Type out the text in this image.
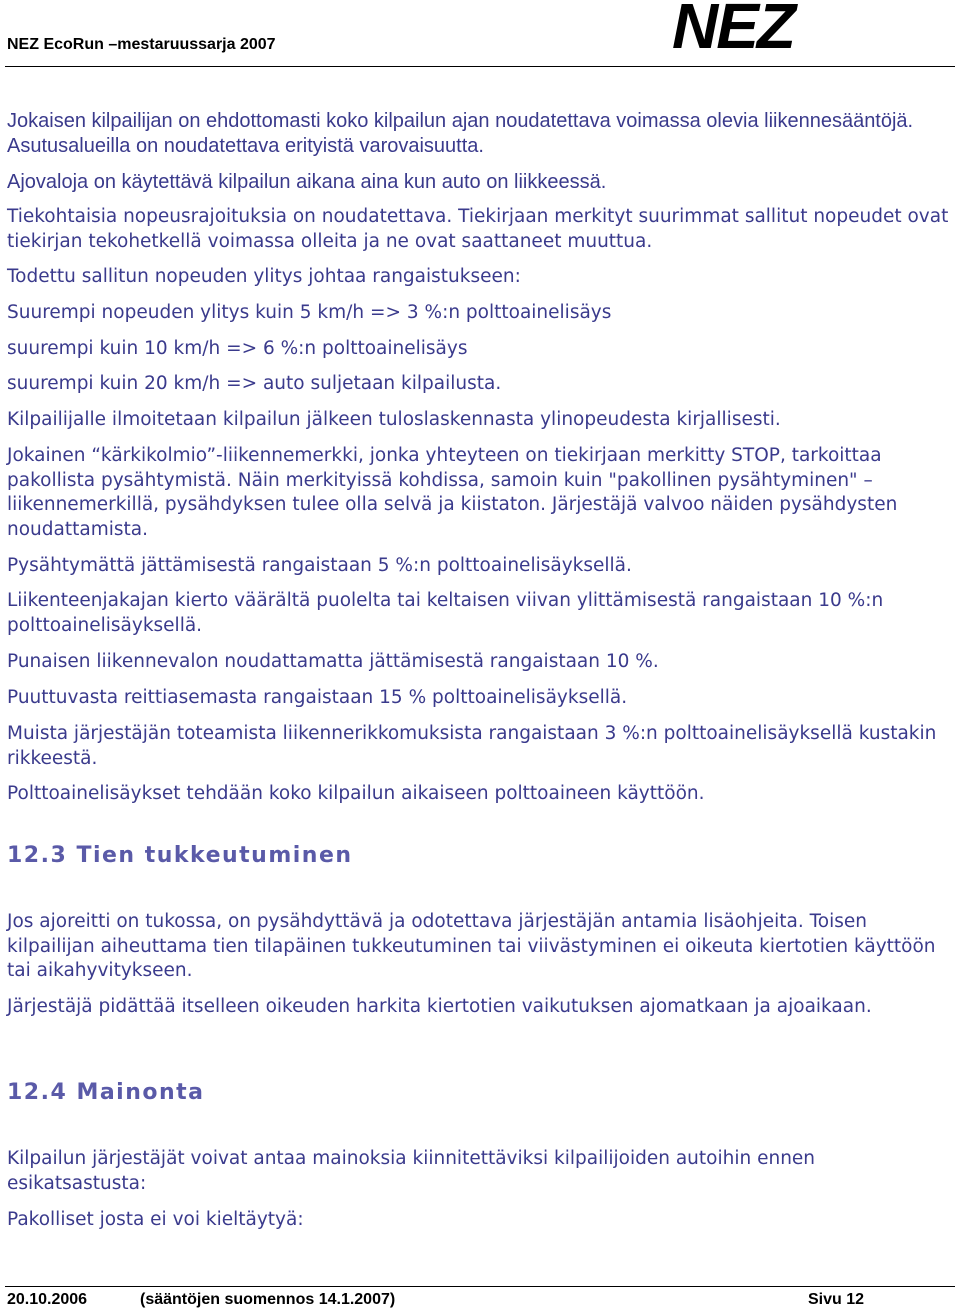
NEZ EcoRun –mestaruussarja 2007	NEZ

Jokaisen kilpailijan on ehdottomasti koko kilpailun ajan noudatettava voimassa olevia liikennesääntöjä. Asutusalueilla on noudatettava erityistä varovaisuutta.

Ajovaloja on käytettävä kilpailun aikana aina kun auto on liikkeessä.

Tiekohtaisia nopeusrajoituksia on noudatettava. Tiekirjaan merkityt suurimmat sallitut nopeudet ovat tiekirjan tekohetkellä voimassa olleita ja ne ovat saattaneet muuttua.

Todettu sallitun nopeuden ylitys johtaa rangaistukseen:

Suurempi nopeuden ylitys kuin 5 km/h => 3 %:n polttoainelisäys

suurempi kuin 10 km/h => 6 %:n polttoainelisäys

suurempi kuin 20 km/h => auto suljetaan kilpailusta.

Kilpailijalle ilmoitetaan kilpailun jälkeen tuloslaskennasta ylinopeudesta kirjallisesti.

Jokainen “kärkikolmio”-liikennemerkki, jonka yhteyteen on tiekirjaan merkitty STOP, tarkoittaa pakollista pysähtymistä. Näin merkityissä kohdissa, samoin kuin "pakollinen pysähtyminen" – liikennemerkillä, pysähdyksen tulee olla selvä ja kiistaton. Järjestäjä valvoo näiden pysähdysten noudattamista.

Pysähtymättä jättämisestä rangaistaan 5 %:n polttoainelisäyksellä.

Liikenteenjakajan kierto väärältä puolelta tai keltaisen viivan ylittämisestä rangaistaan 10 %:n polttoainelisäyksellä.

Punaisen liikennevalon noudattamatta jättämisestä rangaistaan 10 %.

Puuttuvasta reittiasemasta rangaistaan 15 % polttoainelisäyksellä.

Muista järjestäjän toteamista liikennerikkomuksista rangaistaan 3 %:n polttoainelisäyksellä kustakin rikkeestä.

Polttoainelisäykset tehdään koko kilpailun aikaiseen polttoaineen käyttöön.

12.3 Tien tukkeutuminen

Jos ajoreitti on tukossa, on pysähdyttävä ja odotettava järjestäjän antamia lisäohjeita. Toisen kilpailijan aiheuttama tien tilapäinen tukkeutuminen tai viivästyminen ei oikeuta kiertotien käyttöön tai aikahyvitykseen.

Järjestäjä pidättää itselleen oikeuden harkita kiertotien vaikutuksen ajomatkaan ja ajoaikaan.

12.4 Mainonta

Kilpailun järjestäjät voivat antaa mainoksia kiinnitettäviksi kilpailijoiden autoihin ennen esikatsastusta:

Pakolliset josta ei voi kieltäytyä:

20.10.2006	(sääntöjen suomennos 14.1.2007)	Sivu 12
